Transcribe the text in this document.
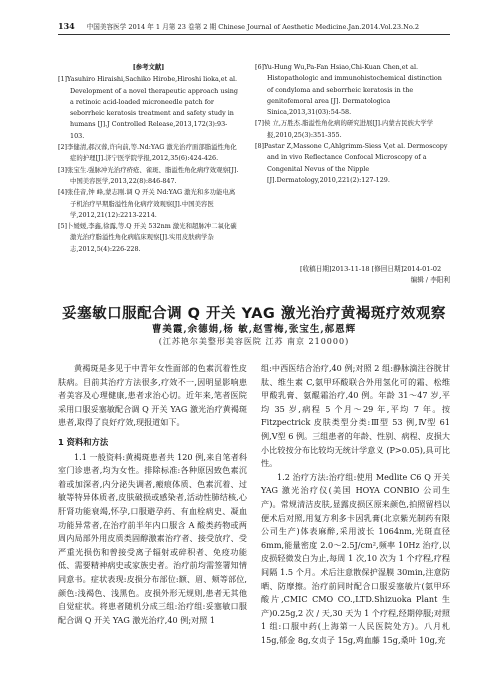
134 中国美容医学 2014 年 1 月第 23 卷第 2 期 Chinese Journal of Aesthetic Medicine.Jan.2014.Vol.23.No.2
[参考文献]

[1]Yasuhiro Hiraishi,Sachiko Hirobe,Hiroshi lioka,et al. Development of a novel therapeutic approach using a retinoic acid-loaded microneedle patch for seborrheic keratosis treatment and safety study in humans [J].J Controlled Release,2013,172(3):93-103.

[2]李健清,郝汉蓉,许向前,等.Nd:YAG 激光治疗面部脂溢性角化症的护理[J].济宁医学院学报,2012,35(6):424-426.

[3]张宝生.强脉冲光治疗疥疮、雀斑、脂溢性角化病疗效观察[J].中国美容医学,2013,22(8):846-847.

[4]张佳音,钟 峰,蒙志刚.调 Q 开关 Nd:YAG 激光和多功能电离子机治疗早期脂溢性角化病疗效观察[J].中国美容医学,2012,21(12):2213-2214.

[5]卜媛媛,李鑫,徐露,等.Q 开关 532nm 激光和超脉冲二氧化碳激光治疗脂溢性角化病临床观察[J].实用皮肤病学杂志,2012,5(4):226-228.

[6]Yu-Hung Wu,Pa-Fan Hsiao,Chi-Kuan Chen,et al. Histopathologic and immunohistochemical distinction of condyloma and seborrheic keratosis in the genitofemoral area [J]. Dermatologica Sinica,2013,31(03):54-58.

[7]侯 立,万胜杰.脂溢性角化病的研究进展[J].内蒙古民族大学学报,2010,25(3):351-355.

[8]Pastar Z,Massone C,Ahlgrimm-Siess V,et al. Dermoscopy and in vivo Reflectance Confocal Microscopy of a Congenital Nevus of the Nipple [J].Dermatology,2010,221(2):127-129.

[收稿日期]2013-11-18 [修回日期]2014-01-02
编辑 / 李阳利
妥塞敏口服配合调 Q 开关 YAG 激光治疗黄褐斑疗效观察
曹美霞,余德娟,杨 敏,赵雪梅,张宝生,郝恩辉
(江苏艳尔美整形美容医院 江苏 南京 210000)

黄褐斑是多见于中青年女性面部的色素沉着性皮肤病。目前其治疗方法很多,疗效不一,因明显影响患者美容及心理健康,患者求治心切。近年来,笔者医院采用口服妥塞敏配合调 Q 开关 YAG 激光治疗黄褐斑患者,取得了良好疗效,现报道如下。

1 资料和方法

1.1 一般资料:黄褐斑患者共 120 例,来自笔者科室门诊患者,均为女性。排除标准:各种原因致色素沉着或加深者,内分泌失调者,瘢痕体质、色素沉着、过敏等特异体质者,皮肤破损或感染者,活动性肺结核,心肝肾功能衰竭,怀孕,口服避孕药、有血栓病史、凝血功能异常者,在治疗前半年内口服含 A 酸类药物或两周内局部外用皮质类固醇激素治疗者、接受放疗、受严重光损伤和曾接受离子辐射或碎积者、免疫功能低、需要精神病史或家族史者。治疗前均需签署知情同意书。症状表现:皮损分布部位:额、眉、颊等部位,颜色:浅褐色、浅黑色。皮损外形无规则,患者无其他自觉症状。将患者随机分成三组:治疗组:妥塞敏口服配合调 Q 开关 YAG 激光治疗,40 例;对照 1

组:中西医结合治疗,40 例;对照 2 组:静脉滴注谷胱甘肽、维生素 C,氨甲环酸联合外用氢化可的霜、松维甲酸乳膏、氨醌霜治疗,40 例。年龄 31～47 岁,平均 35 岁,病程 5 个月～29 年,平均 7 年。按 Fitzpectrick 皮肤类型分类:Ⅲ型 53 例,Ⅳ型 61 例,Ⅴ型 6 例。三组患者的年龄、性别、病程、皮损大小比较按分布比较均无统计学意义 (P>0.05),具可比性。

1.2 治疗方法:治疗组:使用 Medlite C6 Q 开关 YAG 激光治疗仪(美国 HOYA CONBIO 公司生产)。常规清洁皮肤,显露皮损区原来颜色,拍照留档以便术后对照,用复方利多卡因乳膏(北京紫光制药有限公司生产)体表麻醉,采用波长 1064nm,光斑直径 6mm,能量密度 2.0～2.5J/cm²,频率 10Hz 治疗,以皮损轻微发白为止,每周 1 次,10 次为 1 个疗程,疗程间隔 1.5 个月。术后注意散保护湿膜 30min,注意防晒、防摩擦。治疗前同时配合口服妥塞敏片(氨甲环酸片,CMIC CMO CO.,LTD.Shizuoka Plant 生产)0.25g,2 次 / 天,30 天为 1 个疗程,经期停服;对照 1 组:口服中药(上海第一人民医院处方)。八月札 15g,郁金 8g,女贞子 15g,鸡血藤 15g,桑叶 10g,充
